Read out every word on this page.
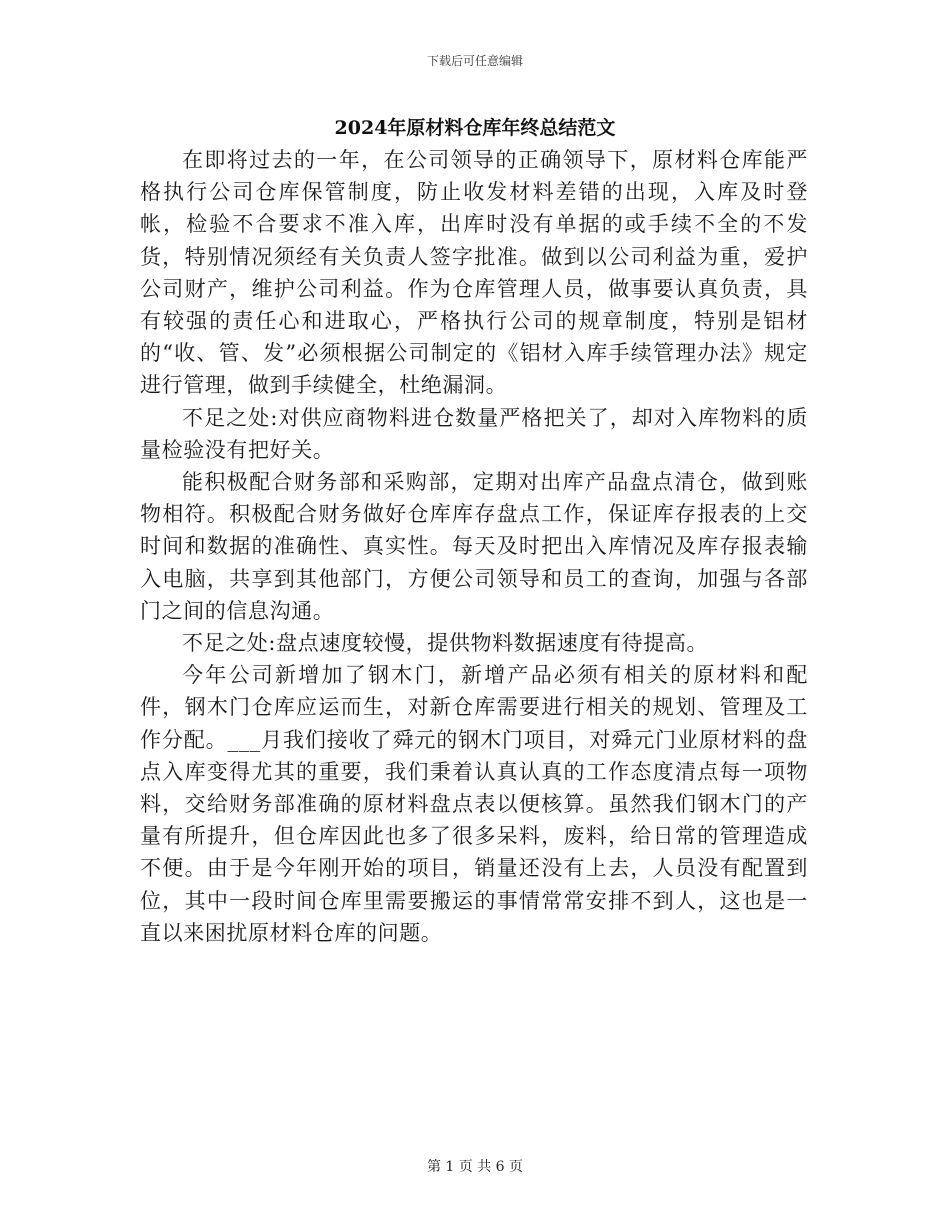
下载后可任意编辑
2024年原材料仓库年终总结范文

在即将过去的一年，在公司领导的正确领导下，原材料仓库能严格执行公司仓库保管制度，防止收发材料差错的出现，入库及时登帐，检验不合要求不准入库，出库时没有单据的或手续不全的不发货，特别情况须经有关负责人签字批准。做到以公司利益为重，爱护公司财产，维护公司利益。作为仓库管理人员，做事要认真负责，具有较强的责任心和进取心，严格执行公司的规章制度，特别是铝材的“收、管、发”必须根据公司制定的《铝材入库手续管理办法》规定进行管理，做到手续健全，杜绝漏洞。

不足之处:对供应商物料进仓数量严格把关了，却对入库物料的质量检验没有把好关。

能积极配合财务部和采购部，定期对出库产品盘点清仓，做到账物相符。积极配合财务做好仓库库存盘点工作，保证库存报表的上交时间和数据的准确性、真实性。每天及时把出入库情况及库存报表输入电脑，共享到其他部门，方便公司领导和员工的查询，加强与各部门之间的信息沟通。

不足之处:盘点速度较慢，提供物料数据速度有待提高。

今年公司新增加了钢木门，新增产品必须有相关的原材料和配件，钢木门仓库应运而生，对新仓库需要进行相关的规划、管理及工作分配。___月我们接收了舜元的钢木门项目，对舜元门业原材料的盘点入库变得尤其的重要，我们秉着认真认真的工作态度清点每一项物料，交给财务部准确的原材料盘点表以便核算。虽然我们钢木门的产量有所提升，但仓库因此也多了很多呆料，废料，给日常的管理造成不便。由于是今年刚开始的项目，销量还没有上去，人员没有配置到位，其中一段时间仓库里需要搬运的事情常常安排不到人，这也是一直以来困扰原材料仓库的问题。

第 1 页 共 6 页
